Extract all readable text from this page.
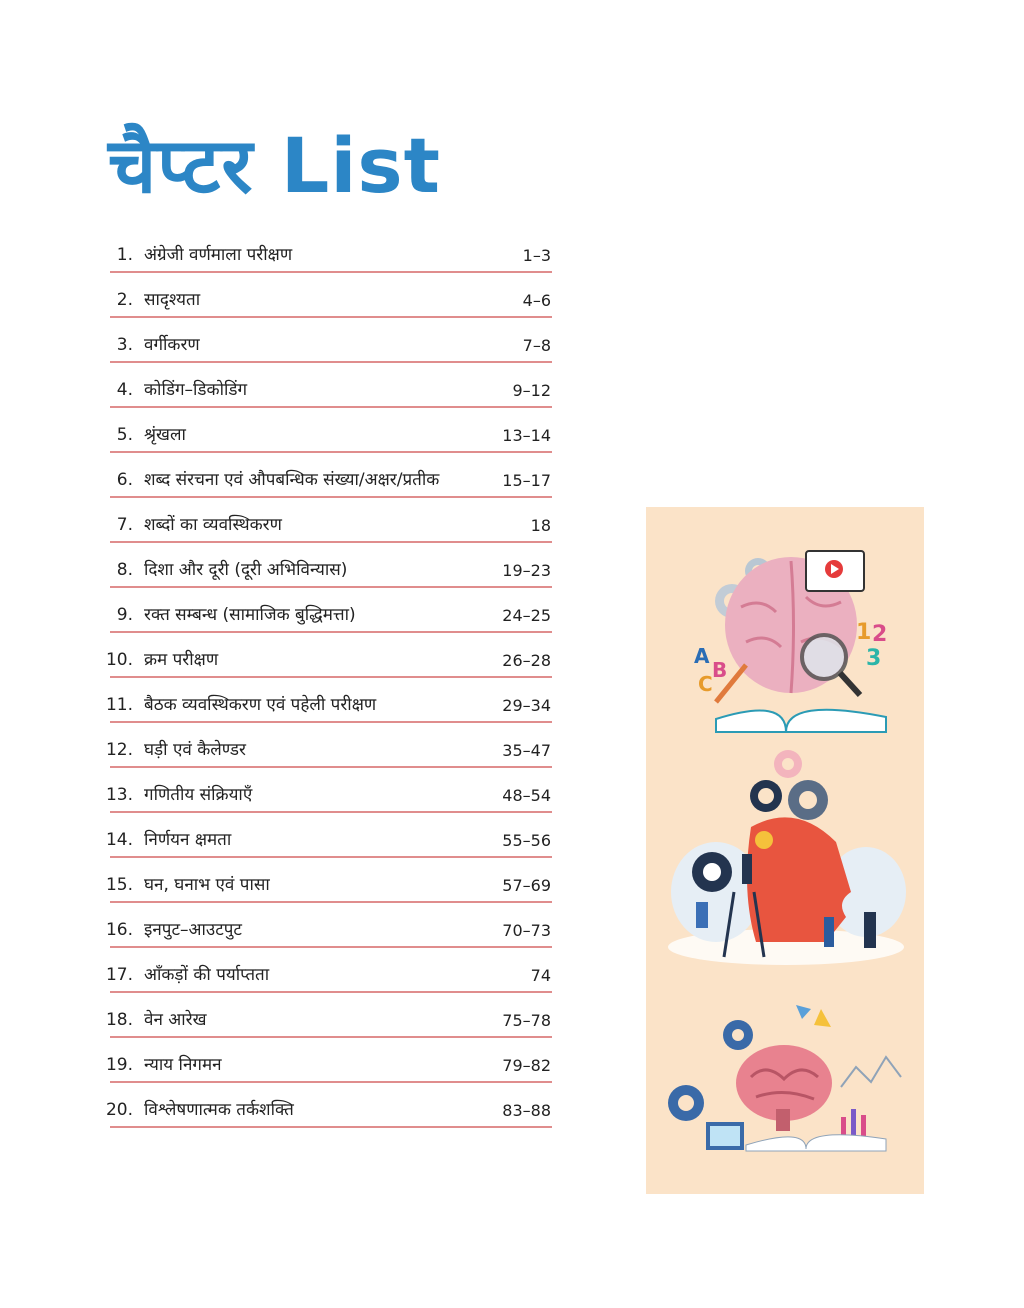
चैप्टर List
1. अंग्रेजी वर्णमाला परीक्षण	1–3
2. सादृश्यता	4–6
3. वर्गीकरण	7–8
4. कोडिंग–डिकोडिंग	9–12
5. श्रृंखला	13–14
6. शब्द संरचना एवं औपबन्धिक संख्या/अक्षर/प्रतीक	15–17
7. शब्दों का व्यवस्थिकरण	18
8. दिशा और दूरी (दूरी अभिविन्यास)	19–23
9. रक्त सम्बन्ध (सामाजिक बुद्धिमत्ता)	24–25
10. क्रम परीक्षण	26–28
11. बैठक व्यवस्थिकरण एवं पहेली परीक्षण	29–34
12. घड़ी एवं कैलेण्डर	35–47
13. गणितीय संक्रियाएँ	48–54
14. निर्णयन क्षमता	55–56
15. घन, घनाभ एवं पासा	57–69
16. इनपुट–आउटपुट	70–73
17. आँकड़ों की पर्याप्तता	74
18. वेन आरेख	75–78
19. न्याय निगमन	79–82
20. विश्लेषणात्मक तर्कशक्ति	83–88
A
B
C
1 2
3
